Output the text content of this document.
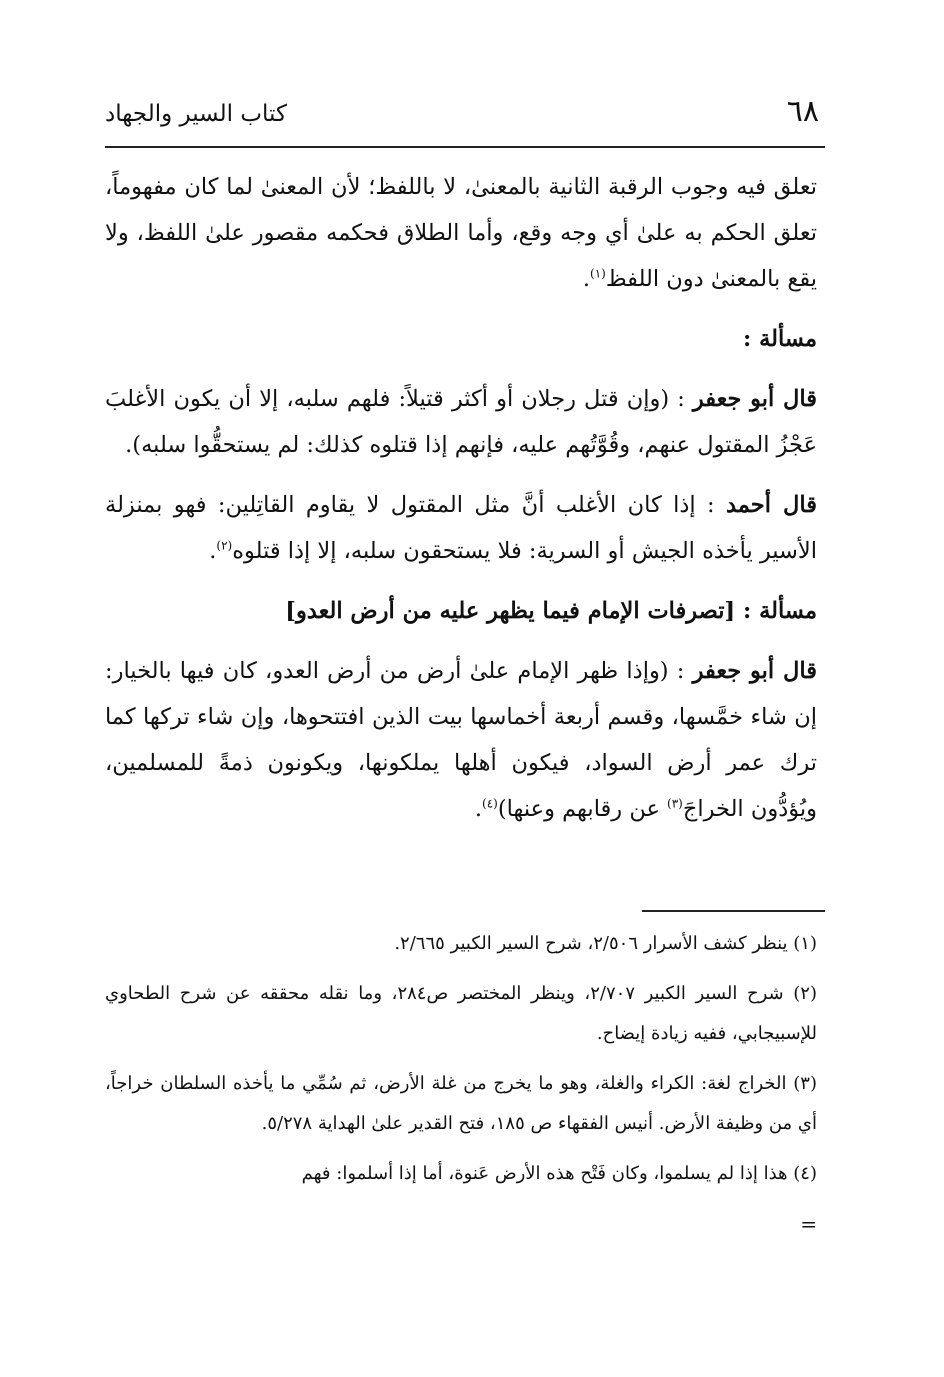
٦٨
كتاب السير والجهاد

تعلق فيه وجوب الرقبة الثانية بالمعنىٰ، لا باللفظ؛ لأن المعنىٰ لما كان مفهوماً، تعلق الحكم به علىٰ أي وجه وقع، وأما الطلاق فحكمه مقصور علىٰ اللفظ، ولا يقع بالمعنىٰ دون اللفظ$^{(١)}$.

مسألة :

قال أبو جعفر : (وإن قتل رجلان أو أكثر قتيلاً: فلهم سلبه، إلا أن يكون الأغلبَ عَجْزُ المقتول عنهم، وقُوَّتُهم عليه، فإنهم إذا قتلوه كذلك: لم يستحقُّوا سلبه).

قال أحمد : إذا كان الأغلب أنَّ مثل المقتول لا يقاوم القاتِلين: فهو بمنزلة الأسير يأخذه الجيش أو السرية: فلا يستحقون سلبه، إلا إذا قتلوه$^{(٢)}$.

مسألة : [تصرفات الإمام فيما يظهر عليه من أرض العدو]

قال أبو جعفر : (وإذا ظهر الإمام علىٰ أرض من أرض العدو، كان فيها بالخيار: إن شاء خمَّسها، وقسم أربعة أخماسها بيت الذين افتتحوها، وإن شاء تركها كما ترك عمر أرض السواد، فيكون أهلها يملكونها، ويكونون ذمةً للمسلمين، ويُؤدُّون الخراجَ$^{(٣)}$ عن رقابهم وعنها)$^{(٤)}$.

(١) ينظر كشف الأسرار ٢/٥٠٦، شرح السير الكبير ٢/٦٦٥.

(٢) شرح السير الكبير ٢/٧٠٧، وينظر المختصر ص٢٨٤، وما نقله محققه عن شرح الطحاوي للإسبيجابي، ففيه زيادة إيضاح.

(٣) الخراج لغة: الكراء والغلة، وهو ما يخرج من غلة الأرض، ثم سُمِّي ما يأخذه السلطان خراجاً، أي من وظيفة الأرض. أنيس الفقهاء ص ١٨٥، فتح القدير علىٰ الهداية ٥/٢٧٨.

(٤) هذا إذا لم يسلموا، وكان فَتْح هذه الأرض عَنوة، أما إذا أسلموا: فهم

=
